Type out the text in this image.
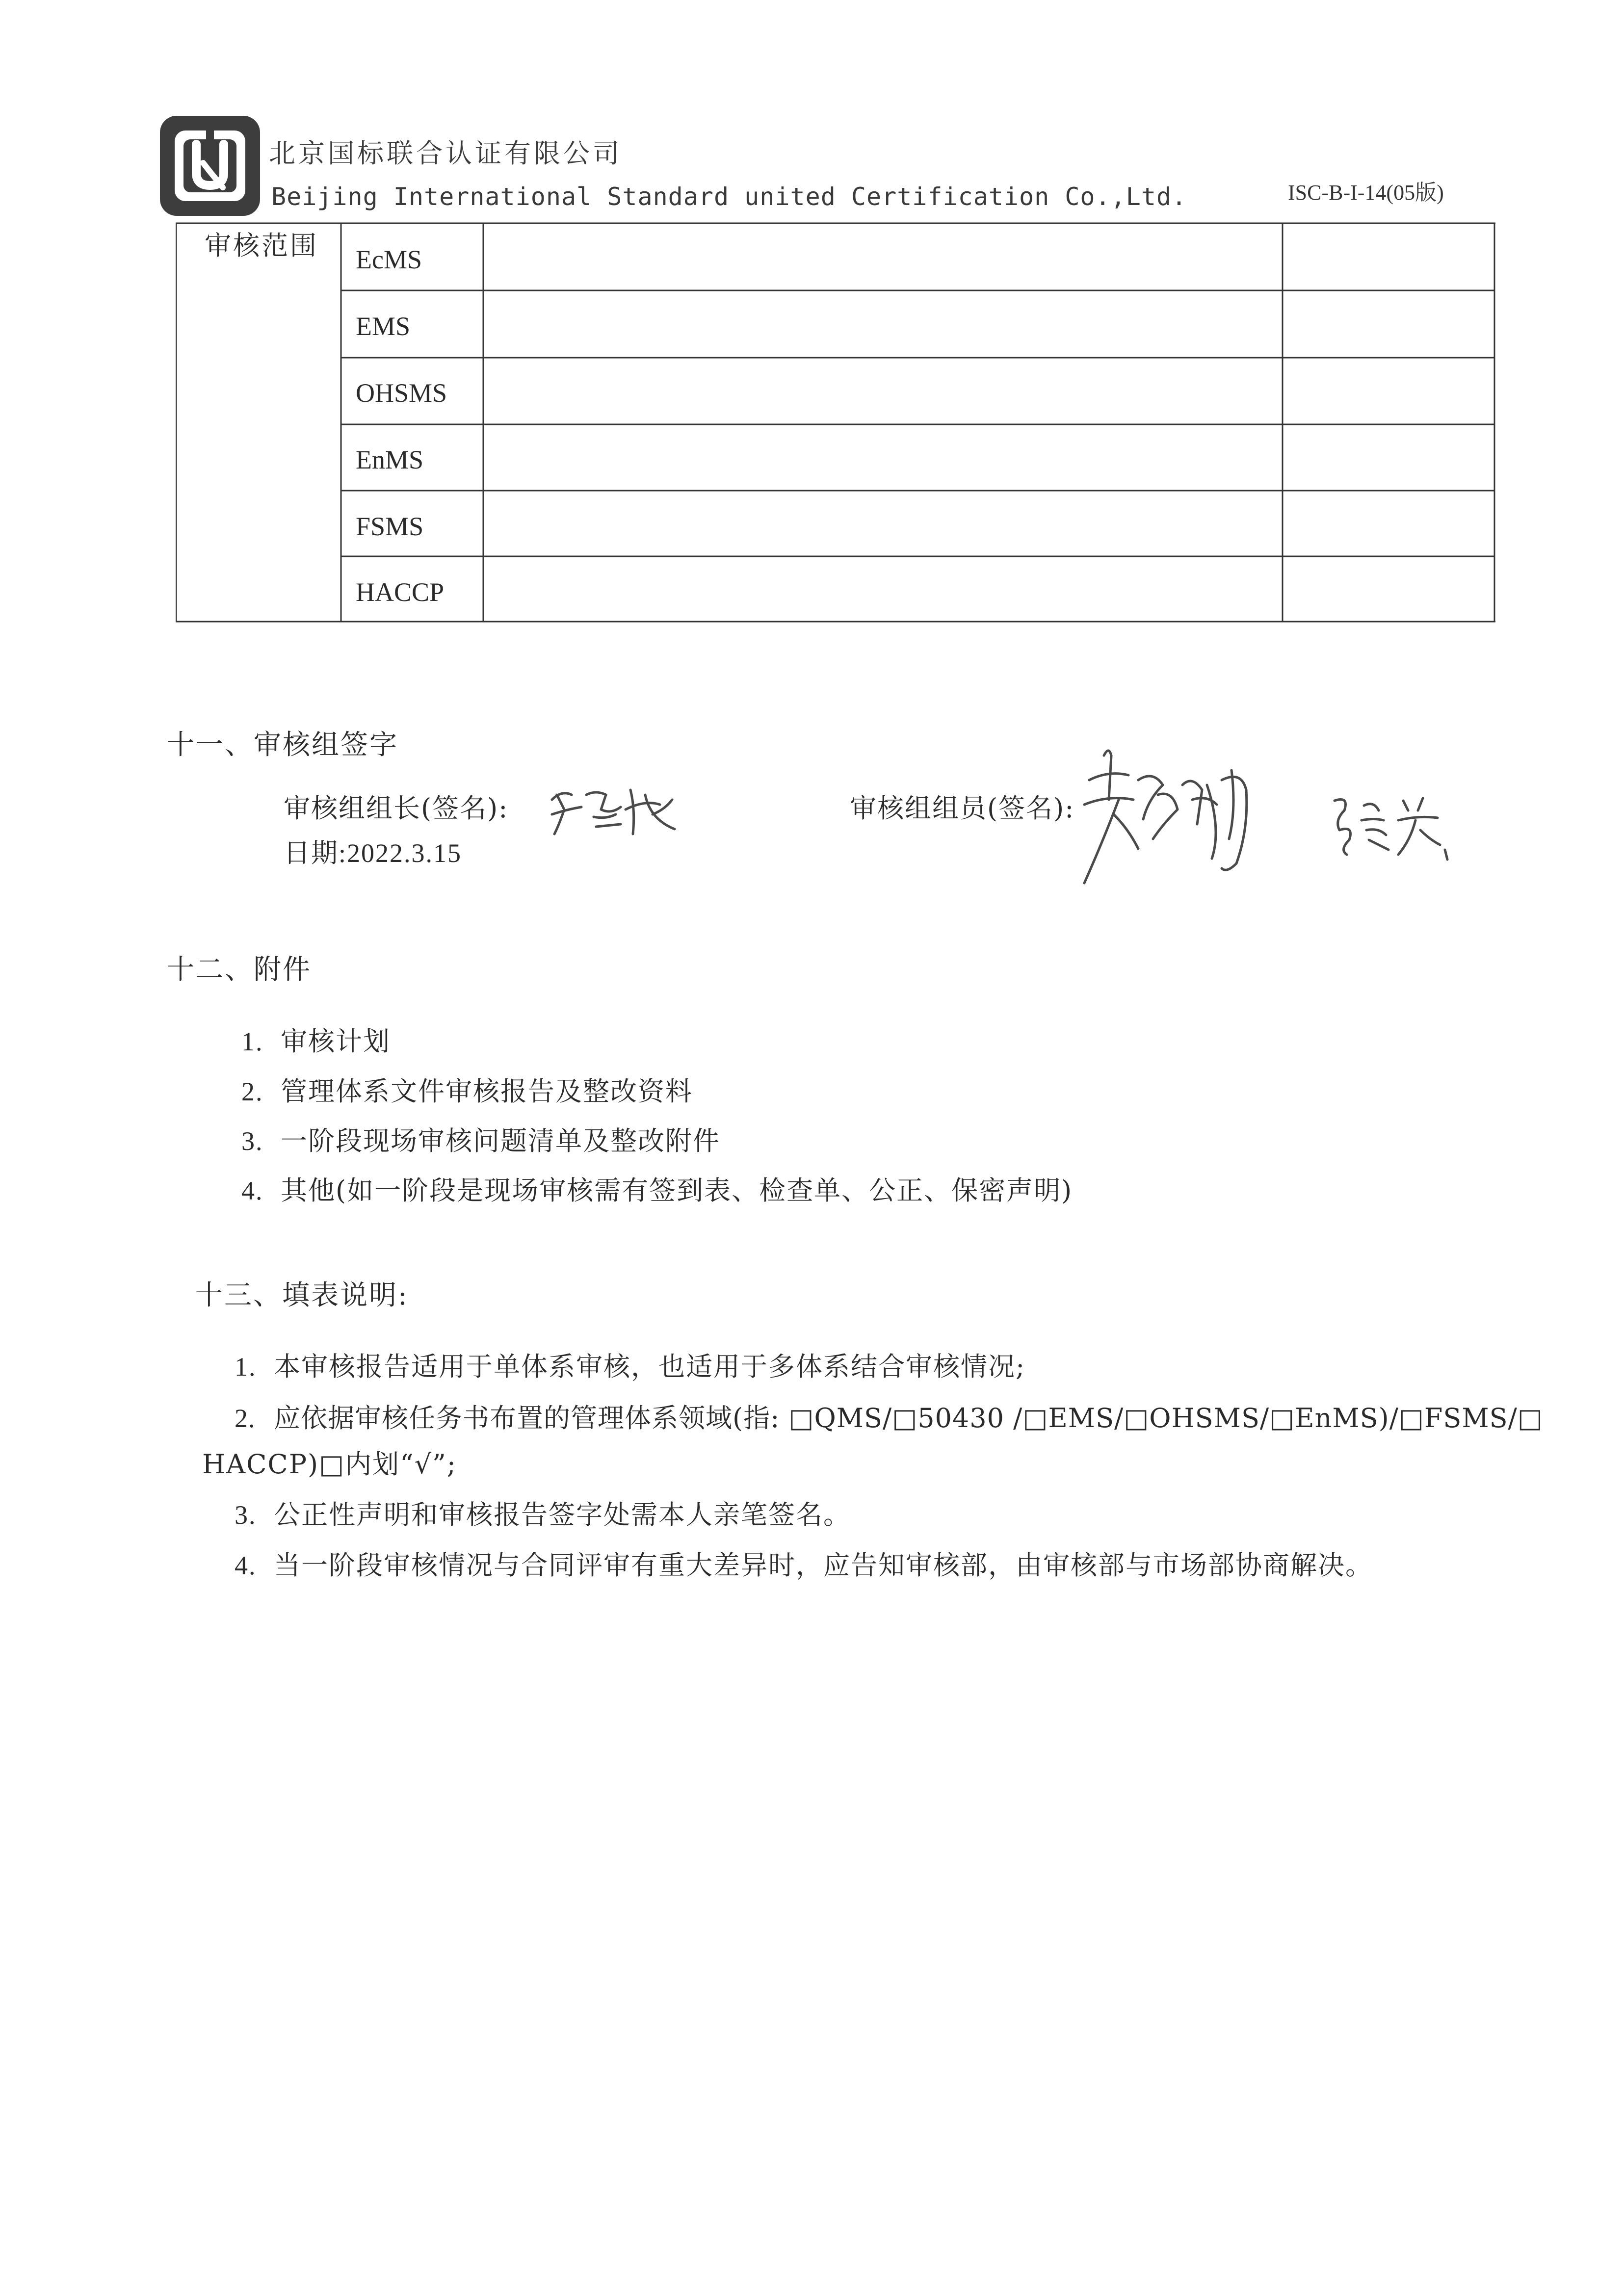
北京国标联合认证有限公司
Beijing International Standard united Certification Co.,Ltd.	ISC-B-I-14(05版)
审核范围 EcMS
EMS
OHSMS
EnMS
FSMS
HACCP
十一、审核组签字
审核组组长(签名):
日期:2022.3.15
审核组组员(签名):
十二、附件
1. 审核计划
2. 管理体系文件审核报告及整改资料
3. 一阶段现场审核问题清单及整改附件
4. 其他(如一阶段是现场审核需有签到表、检查单、公正、保密声明)
十三、填表说明:
1. 本审核报告适用于单体系审核，也适用于多体系结合审核情况;
2. 应依据审核任务书布置的管理体系领域(指: □QMS/□50430 /□EMS/□OHSMS/□EnMS)/□FSMS/□
HACCP)□内划“√”;
3. 公正性声明和审核报告签字处需本人亲笔签名。
4. 当一阶段审核情况与合同评审有重大差异时，应告知审核部，由审核部与市场部协商解决。
